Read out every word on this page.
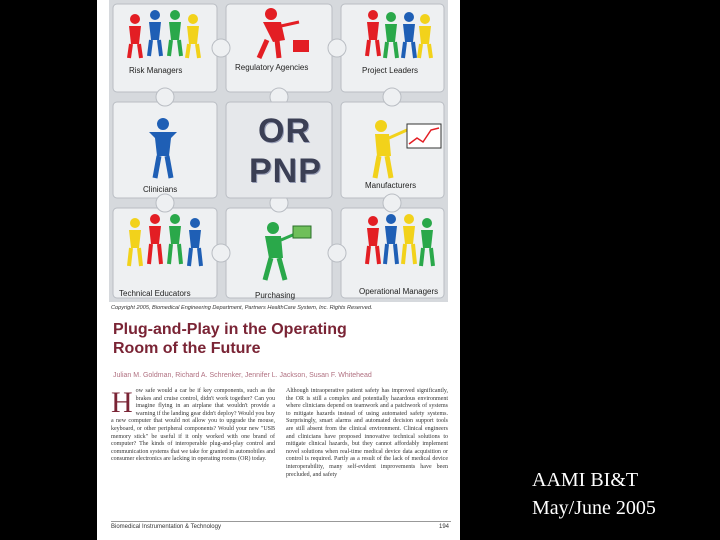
OR
PNP
Risk Managers	Regulatory Agencies	Project Leaders
Clinicians	Manufacturers
Technical Educators	Purchasing	Operational Managers
Copyright 2005, Biomedical Engineering Department, Partners HealthCare System, Inc. Rights Reserved.
Plug-and-Play in the Operating
Room of the Future
Julian M. Goldman, Richard A. Schrenker, Jennifer L. Jackson, Susan F. Whitehead
How safe would a car be if key components, such as the brakes and cruise control, didn't work together? Can you imagine flying in an airplane that wouldn't provide a warning if the landing gear didn't deploy? Would you buy a new computer that would not allow you to upgrade the mouse, keyboard, or other peripheral components? Would your new "USB memory stick" be useful if it only worked with one brand of computer? The kinds of interoperable plug-and-play control and communication systems that we take for granted in automobiles and consumer electronics are lacking in operating rooms (OR) today.
Although intraoperative patient safety has improved significantly, the OR is still a complex and potentially hazardous environment where clinicians depend on teamwork and a patchwork of systems to mitigate hazards instead of using automated safety systems. Surprisingly, smart alarms and automated decision support tools are still absent from the clinical environment. Clinical engineers and clinicians have proposed innovative technical solutions to mitigate clinical hazards, but they cannot affordably implement novel solutions when real-time medical device data acquisition or control is required. Partly as a result of the lack of medical device interoperability, many self-evident improvements have been precluded, and safety
Biomedical Instrumentation & Technology	194
AAMI BI&T
May/June 2005
